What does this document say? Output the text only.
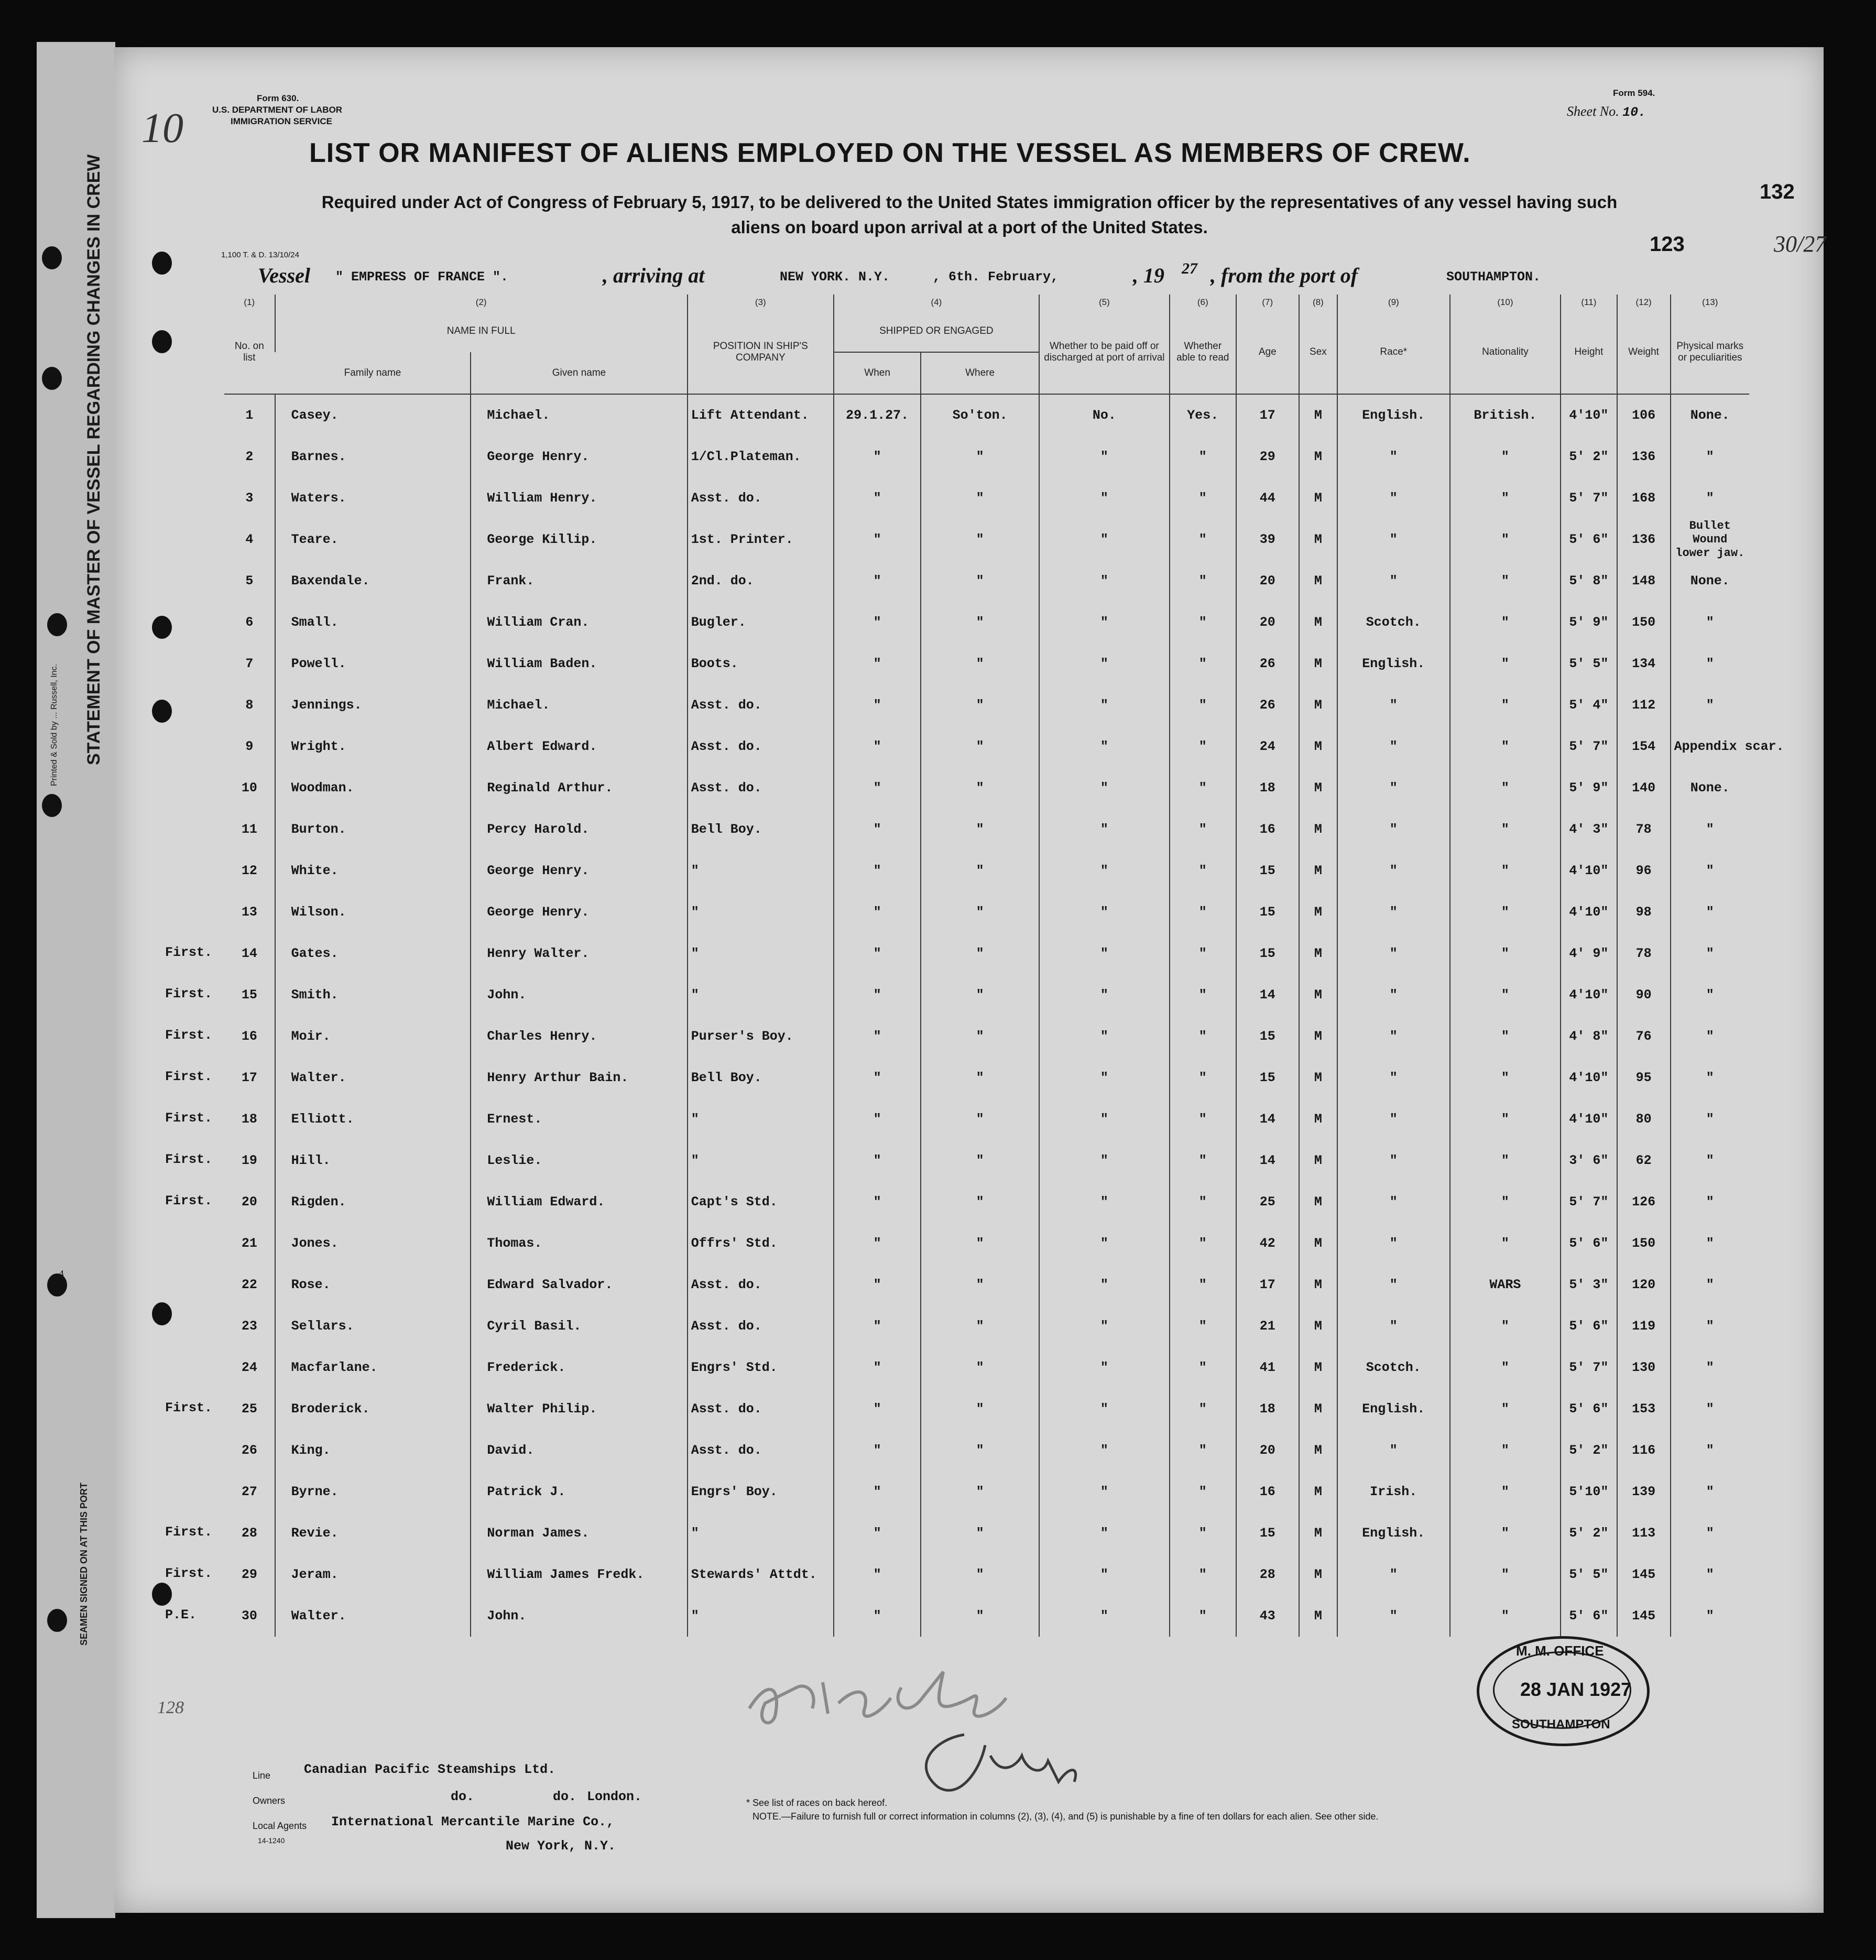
STATEMENT OF MASTER OF VESSEL REGARDING CHANGES IN CREW
Printed & Sold by ... Russell, Inc.
SEAMEN SIGNED ON AT THIS PORT
10
4
Form 630.
U.S. DEPARTMENT OF LABOR
IMMIGRATION SERVICE
Form 594.
Sheet No. 10.
30/27
LIST OR MANIFEST OF ALIENS EMPLOYED ON THE VESSEL AS MEMBERS OF CREW.
Required under Act of Congress of February 5, 1917, to be delivered to the United States immigration officer by the representatives of any vessel having such
aliens on board upon arrival at a port of the United States.
132
123
1,100 T. & D. 13/10/24
Vessel " EMPRESS OF FRANCE ".	, arriving at	NEW YORK. N.Y.	, 6th. February,	, 19 27 , from the port of	SOUTHAMPTON.
(1)	(2)		(3)	(4)		(5)	(6)	(7)	(8)	(9)	(10)	(11)	(12)	(13)
No. on list	NAME IN FULL		POSITION IN SHIP'S COMPANY	SHIPPED OR ENGAGED		Whether to be paid off or discharged at port of arrival	Whether able to read	Age	Sex	Race*	Nationality	Height	Weight	Physical marks or peculiarities
	Family name	Given name		When	Where									
1	Casey.	Michael.	Lift Attendant.	29.1.27.	So'ton.	No.	Yes.	17	M	English.	British.	4'10"	106	None.
2	Barnes.	George Henry.	1/Cl.Plateman.	"	"	"	"	29	M	"	"	5' 2"	136	"
3	Waters.	William Henry.	Asst. do.	"	"	"	"	44	M	"	"	5' 7"	168	"
4	Teare.	George Killip.	1st. Printer.	"	"	"	"	39	M	"	"	5' 6"	136	Bullet Wound lower jaw.
5	Baxendale.	Frank.	2nd. do.	"	"	"	"	20	M	"	"	5' 8"	148	None.
6	Small.	William Cran.	Bugler.	"	"	"	"	20	M	Scotch.	"	5' 9"	150	"
7	Powell.	William Baden.	Boots.	"	"	"	"	26	M	English.	"	5' 5"	134	"
8	Jennings.	Michael.	Asst. do.	"	"	"	"	26	M	"	"	5' 4"	112	"
9	Wright.	Albert Edward.	Asst. do.	"	"	"	"	24	M	"	"	5' 7"	154	Appendix scar.
10	Woodman.	Reginald Arthur.	Asst. do.	"	"	"	"	18	M	"	"	5' 9"	140	None.
11	Burton.	Percy Harold.	Bell Boy.	"	"	"	"	16	M	"	"	4' 3"	78	"
12	White.	George Henry.	"	"	"	"	"	15	M	"	"	4'10"	96	"
13	Wilson.	George Henry.	"	"	"	"	"	15	M	"	"	4'10"	98	"
14	Gates.	Henry Walter.	"	"	"	"	"	15	M	"	"	4' 9"	78	"
15	Smith.	John.	"	"	"	"	"	14	M	"	"	4'10"	90	"
16	Moir.	Charles Henry.	Purser's Boy.	"	"	"	"	15	M	"	"	4' 8"	76	"
17	Walter.	Henry Arthur Bain.	Bell Boy.	"	"	"	"	15	M	"	"	4'10"	95	"
18	Elliott.	Ernest.	"	"	"	"	"	14	M	"	"	4'10"	80	"
19	Hill.	Leslie.	"	"	"	"	"	14	M	"	"	3' 6"	62	"
20	Rigden.	William Edward.	Capt's Std.	"	"	"	"	25	M	"	"	5' 7"	126	"
21	Jones.	Thomas.	Offrs' Std.	"	"	"	"	42	M	"	"	5' 6"	150	"
22	Rose.	Edward Salvador.	Asst. do.	"	"	"	"	17	M	"	WARS	5' 3"	120	"
23	Sellars.	Cyril Basil.	Asst. do.	"	"	"	"	21	M	"	"	5' 6"	119	"
24	Macfarlane.	Frederick.	Engrs' Std.	"	"	"	"	41	M	Scotch.	"	5' 7"	130	"
25	Broderick.	Walter Philip.	Asst. do.	"	"	"	"	18	M	English.	"	5' 6"	153	"
26	King.	David.	Asst. do.	"	"	"	"	20	M	"	"	5' 2"	116	"
27	Byrne.	Patrick J.	Engrs' Boy.	"	"	"	"	16	M	Irish.	"	5'10"	139	"
28	Revie.	Norman James.	"	"	"	"	"	15	M	English.	"	5' 2"	113	"
29	Jeram.	William James Fredk.	Stewards' Attdt.	"	"	"	"	28	M	"	"	5' 5"	145	"
30	Walter.	John.	"	"	"	"	"	43	M	"	"	5' 6"	145	"
First.
First.
First.
First.
First.
First.
First.
First.
First.
First.
P.E.
Line	Canadian Pacific Steamships Ltd.
Owners	do.          do. London.
Local Agents International Mercantile Marine Co.,
14-1240	New York, N.Y.
* See list of races on back hereof.
NOTE.—Failure to furnish full or correct information in columns (2), (3), (4), and (5) is punishable by a fine of ten dollars for each alien. See other side.
128
M. M. OFFICE
28 JAN 1927
SOUTHAMPTON
